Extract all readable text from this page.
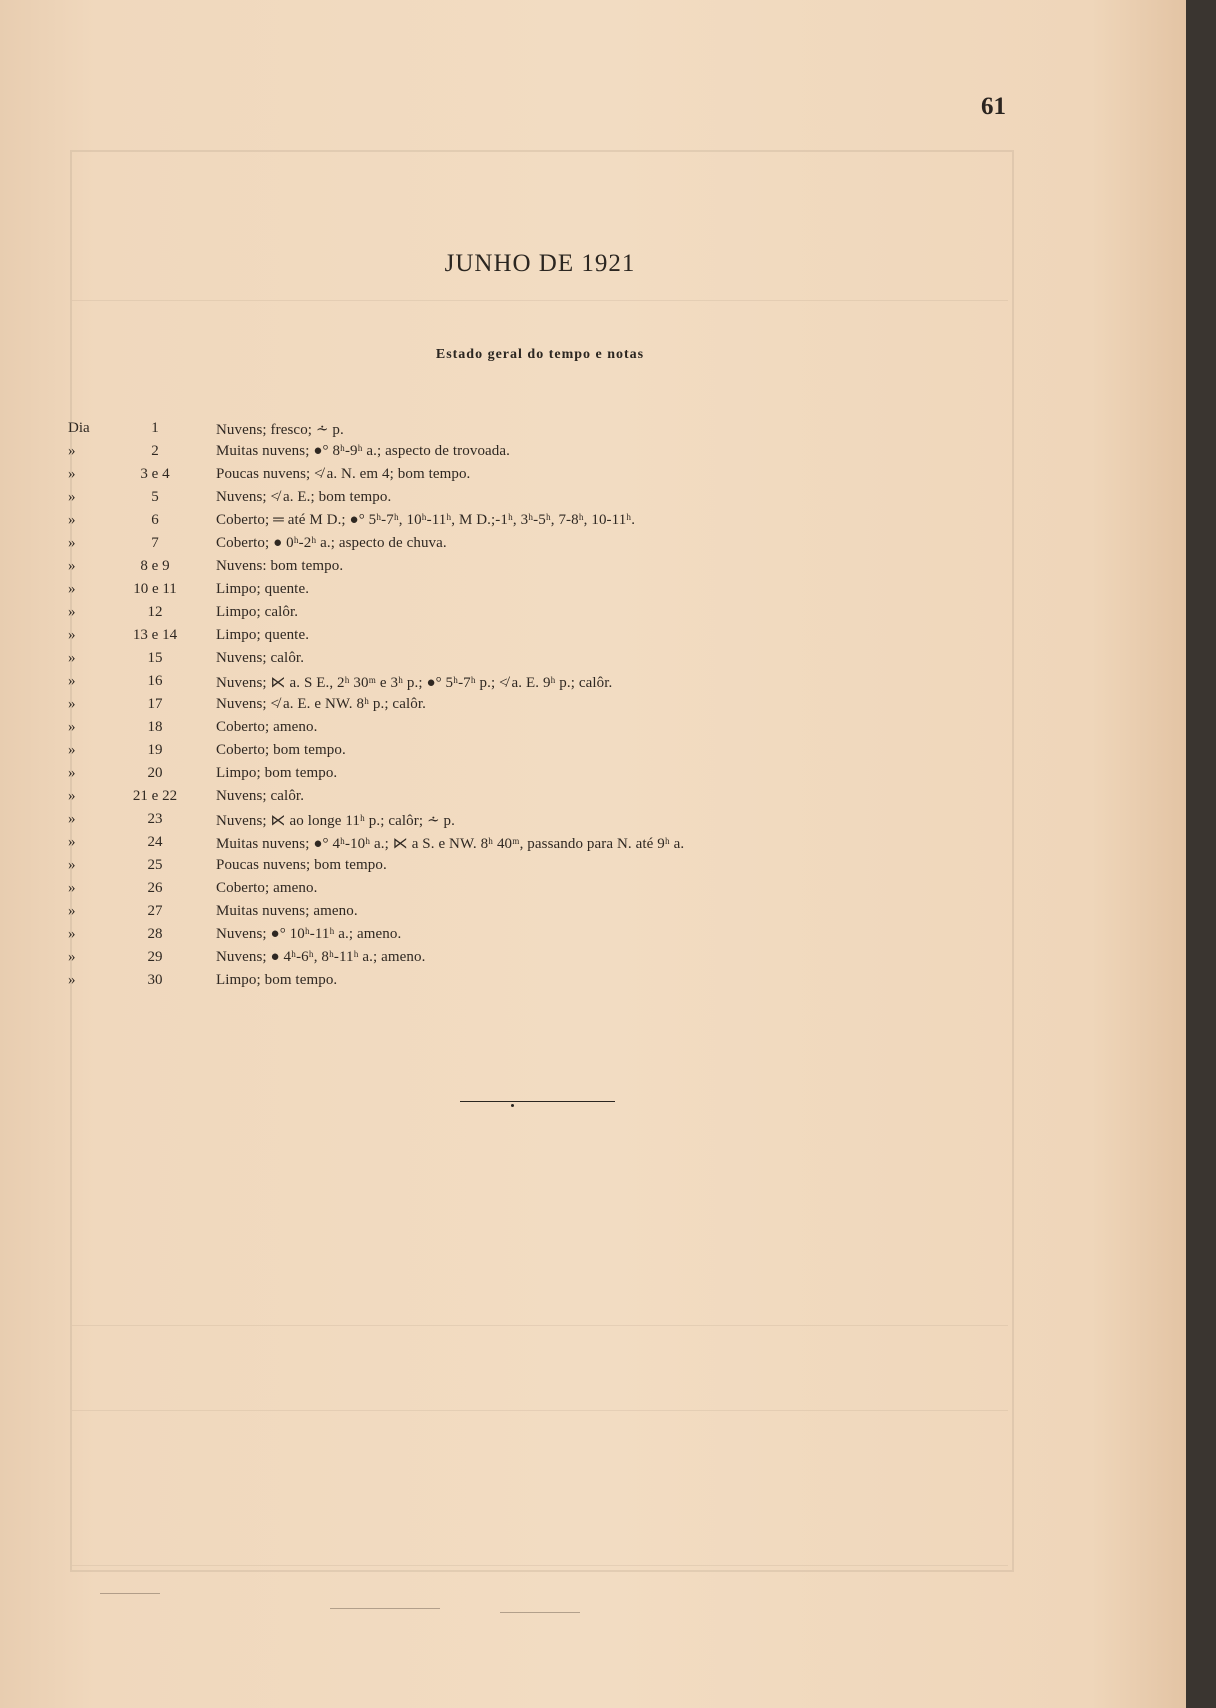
61
JUNHO DE 1921
Estado geral do tempo e notas
Dia	1	Nuvens; fresco; ⩪ p.
»	2	Muitas nuvens; ●° 8ʰ-9ʰ a.; aspecto de trovoada.
»	3 e 4	Poucas nuvens; ≮ a. N. em 4; bom tempo.
»	5	Nuvens; ≮ a. E.; bom tempo.
»	6	Coberto; ═ até M D.; ●° 5ʰ-7ʰ, 10ʰ-11ʰ, M D.;-1ʰ, 3ʰ-5ʰ, 7-8ʰ, 10-11ʰ.
»	7	Coberto; ● 0ʰ-2ʰ a.; aspecto de chuva.
»	8 e 9	Nuvens: bom tempo.
»	10 e 11	Limpo; quente.
»	12	Limpo; calôr.
»	13 e 14	Limpo; quente.
»	15	Nuvens; calôr.
»	16	Nuvens; ⋉ a. S E., 2ʰ 30ᵐ e 3ʰ p.; ●° 5ʰ-7ʰ p.; ≮ a. E. 9ʰ p.; calôr.
»	17	Nuvens; ≮ a. E. e NW. 8ʰ p.; calôr.
»	18	Coberto; ameno.
»	19	Coberto; bom tempo.
»	20	Limpo; bom tempo.
»	21 e 22	Nuvens; calôr.
»	23	Nuvens; ⋉ ao longe 11ʰ p.; calôr; ⩪ p.
»	24	Muitas nuvens; ●° 4ʰ-10ʰ a.; ⋉ a S. e NW. 8ʰ 40ᵐ, passando para N. até 9ʰ a.
»	25	Poucas nuvens; bom tempo.
»	26	Coberto; ameno.
»	27	Muitas nuvens; ameno.
»	28	Nuvens; ●° 10ʰ-11ʰ a.; ameno.
»	29	Nuvens; ● 4ʰ-6ʰ, 8ʰ-11ʰ a.; ameno.
»	30	Limpo; bom tempo.
